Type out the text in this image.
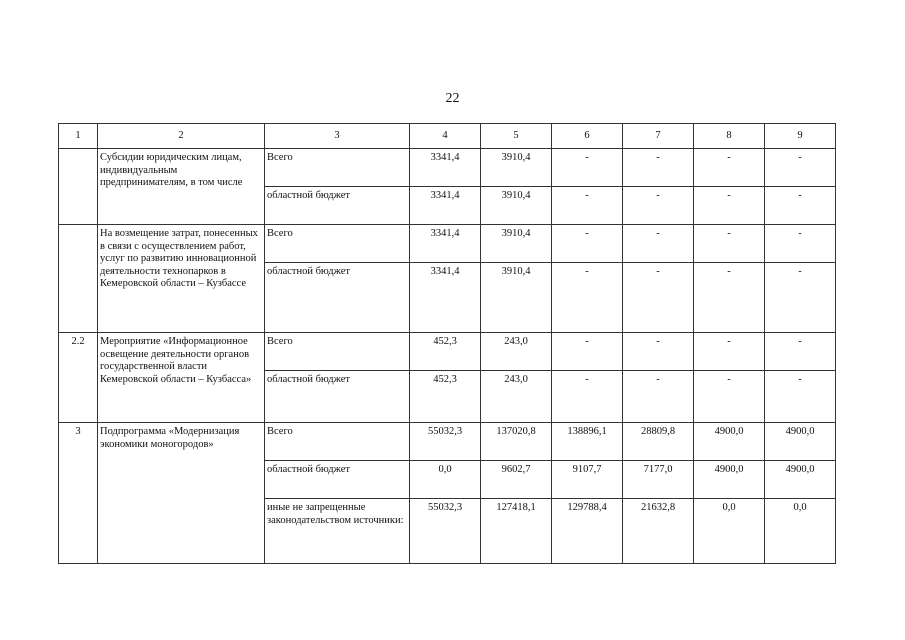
22
1	2	3	4	5	6	7	8	9
	Субсидии юридическим лицам, индивидуальным предпринимателям, в том числе	Всего	3341,4	3910,4	-	-	-	-
		областной бюджет	3341,4	3910,4	-	-	-	-
	На возмещение затрат, понесенных в связи с осуществлением работ, услуг по развитию инновационной деятельности технопарков в Кемеровской области – Кузбассе	Всего	3341,4	3910,4	-	-	-	-
		областной бюджет	3341,4	3910,4	-	-	-	-
2.2	Мероприятие «Информационное освещение деятельности органов государственной власти Кемеровской области – Кузбасса»	Всего	452,3	243,0	-	-	-	-
		областной бюджет	452,3	243,0	-	-	-	-
3	Подпрограмма «Модернизация экономики моногородов»	Всего	55032,3	137020,8	138896,1	28809,8	4900,0	4900,0
		областной бюджет	0,0	9602,7	9107,7	7177,0	4900,0	4900,0
		иные не запрещенные законодательством источники:	55032,3	127418,1	129788,4	21632,8	0,0	0,0
